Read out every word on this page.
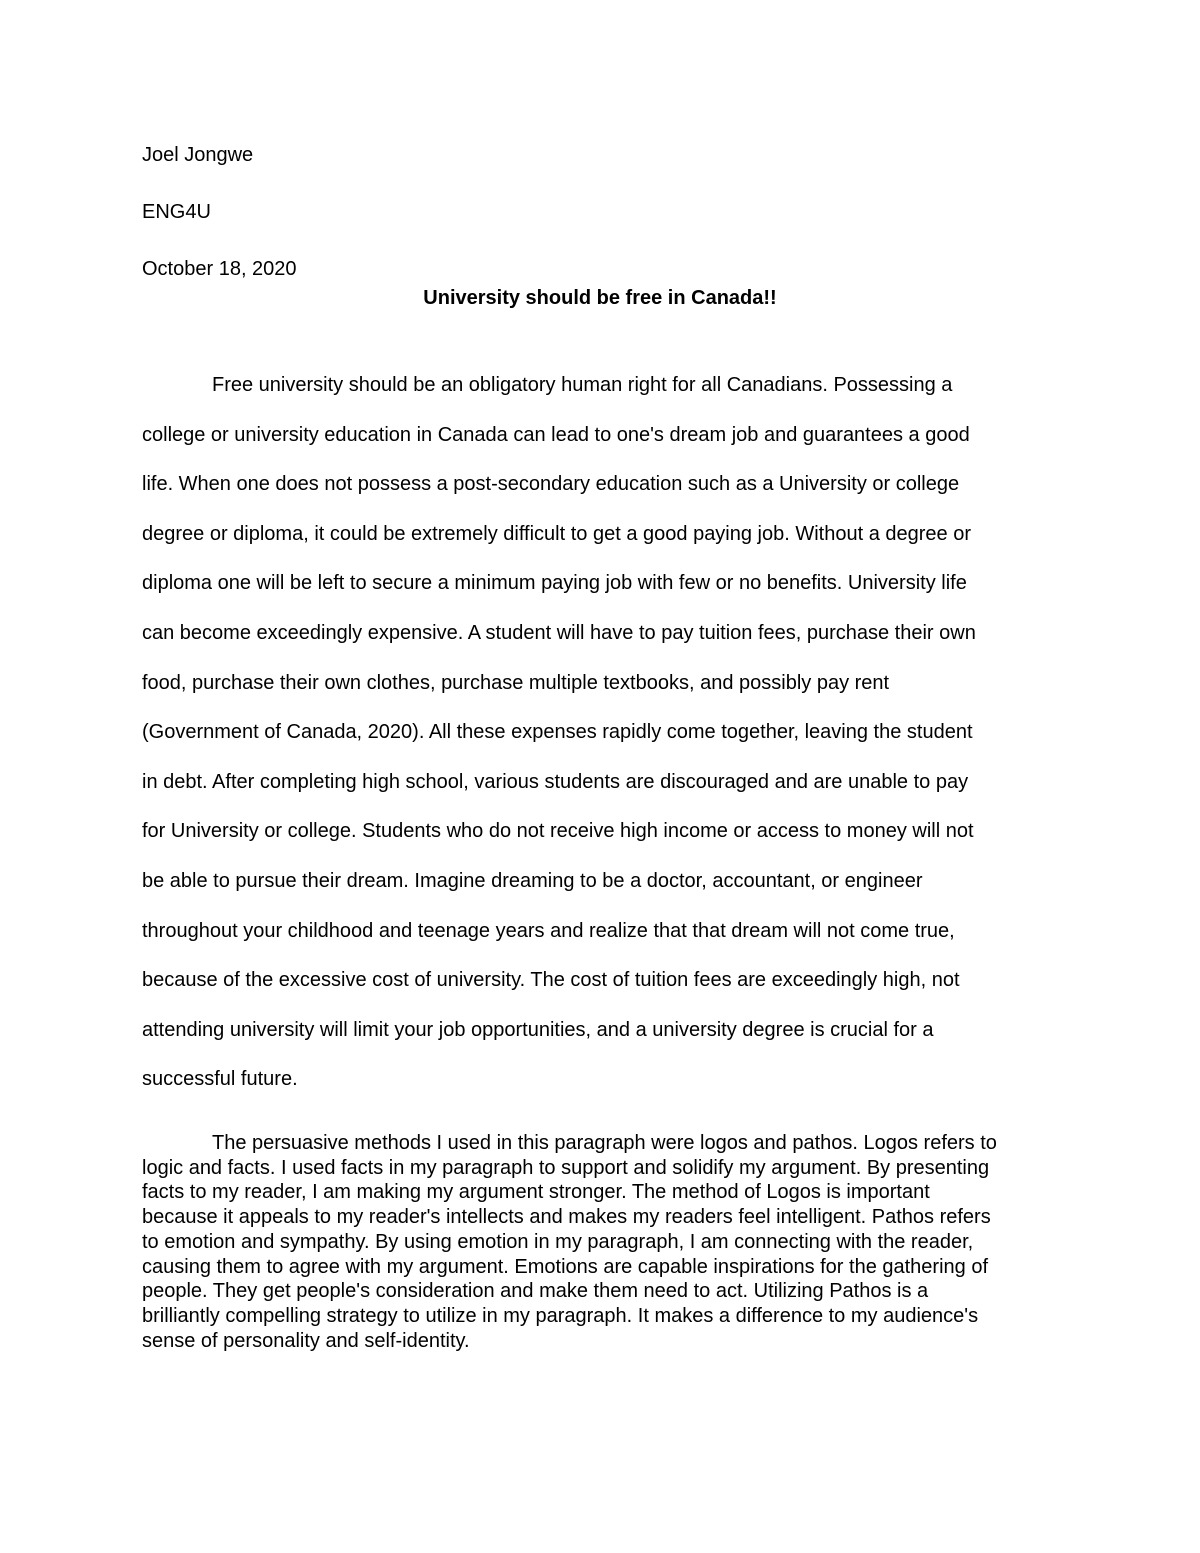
Joel Jongwe
ENG4U
October 18, 2020
University should be free in Canada!!
Free university should be an obligatory human right for all Canadians. Possessing a
college or university education in Canada can lead to one's dream job and guarantees a good
life. When one does not possess a post-secondary education such as a University or college
degree or diploma, it could be extremely difficult to get a good paying job. Without a degree or
diploma one will be left to secure a minimum paying job with few or no benefits. University life
can become exceedingly expensive. A student will have to pay tuition fees, purchase their own
food, purchase their own clothes, purchase multiple textbooks, and possibly pay rent
(Government of Canada, 2020). All these expenses rapidly come together, leaving the student
in debt. After completing high school, various students are discouraged and are unable to pay
for University or college. Students who do not receive high income or access to money will not
be able to pursue their dream. Imagine dreaming to be a doctor, accountant, or engineer
throughout your childhood and teenage years and realize that that dream will not come true,
because of the excessive cost of university. The cost of tuition fees are exceedingly high, not
attending university will limit your job opportunities, and a university degree is crucial for a
successful future.
The persuasive methods I used in this paragraph were logos and pathos. Logos refers to
logic and facts. I used facts in my paragraph to support and solidify my argument. By presenting
facts to my reader, I am making my argument stronger. The method of Logos is important
because it appeals to my reader's intellects and makes my readers feel intelligent. Pathos refers
to emotion and sympathy. By using emotion in my paragraph, I am connecting with the reader,
causing them to agree with my argument. Emotions are capable inspirations for the gathering of
people. They get people's consideration and make them need to act. Utilizing Pathos is a
brilliantly compelling strategy to utilize in my paragraph. It makes a difference to my audience's
sense of personality and self-identity.
